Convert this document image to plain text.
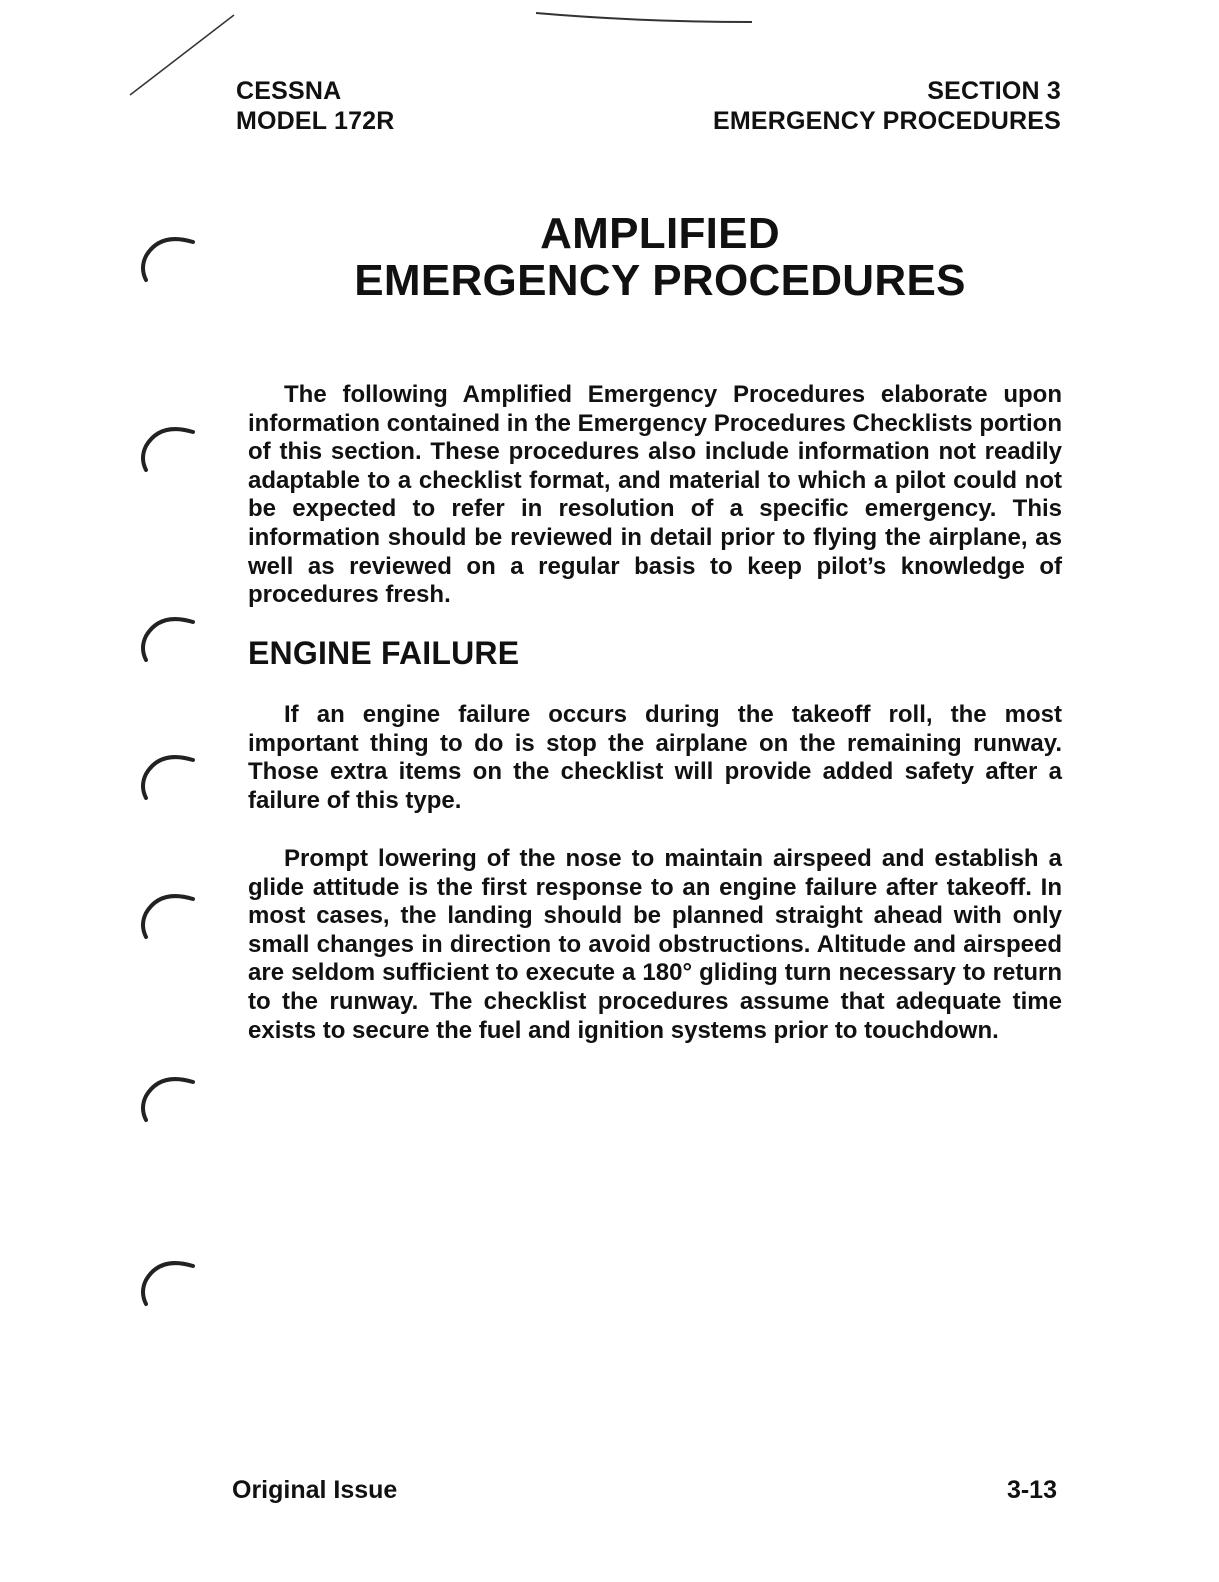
CESSNA
MODEL 172R
SECTION 3
EMERGENCY PROCEDURES
AMPLIFIED
EMERGENCY PROCEDURES

The following Amplified Emergency Procedures elaborate upon information contained in the Emergency Procedures Checklists portion of this section. These procedures also include information not readily adaptable to a checklist format, and material to which a pilot could not be expected to refer in resolution of a specific emergency. This information should be reviewed in detail prior to flying the airplane, as well as reviewed on a regular basis to keep pilot’s knowledge of procedures fresh.

ENGINE FAILURE

If an engine failure occurs during the takeoff roll, the most important thing to do is stop the airplane on the remaining runway. Those extra items on the checklist will provide added safety after a failure of this type.

Prompt lowering of the nose to maintain airspeed and establish a glide attitude is the first response to an engine failure after takeoff. In most cases, the landing should be planned straight ahead with only small changes in direction to avoid obstructions. Altitude and airspeed are seldom sufficient to execute a 180° gliding turn necessary to return to the runway. The checklist procedures assume that adequate time exists to secure the fuel and ignition systems prior to touchdown.

Original Issue	3-13
